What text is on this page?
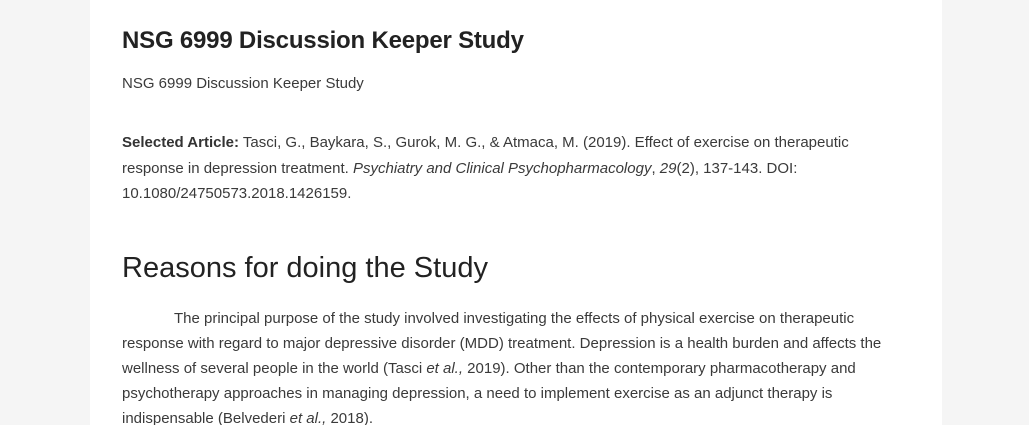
NSG 6999 Discussion Keeper Study

NSG 6999 Discussion Keeper Study

Selected Article: Tasci, G., Baykara, S., Gurok, M. G., & Atmaca, M. (2019). Effect of exercise on therapeutic response in depression treatment. Psychiatry and Clinical Psychopharmacology, 29(2), 137-143. DOI: 10.1080/24750573.2018.1426159.

Reasons for doing the Study

The principal purpose of the study involved investigating the effects of physical exercise on therapeutic response with regard to major depressive disorder (MDD) treatment. Depression is a health burden and affects the wellness of several people in the world (Tasci et al., 2019). Other than the contemporary pharmacotherapy and psychotherapy approaches in managing depression, a need to implement exercise as an adjunct therapy is indispensable (Belvederi et al., 2018).
